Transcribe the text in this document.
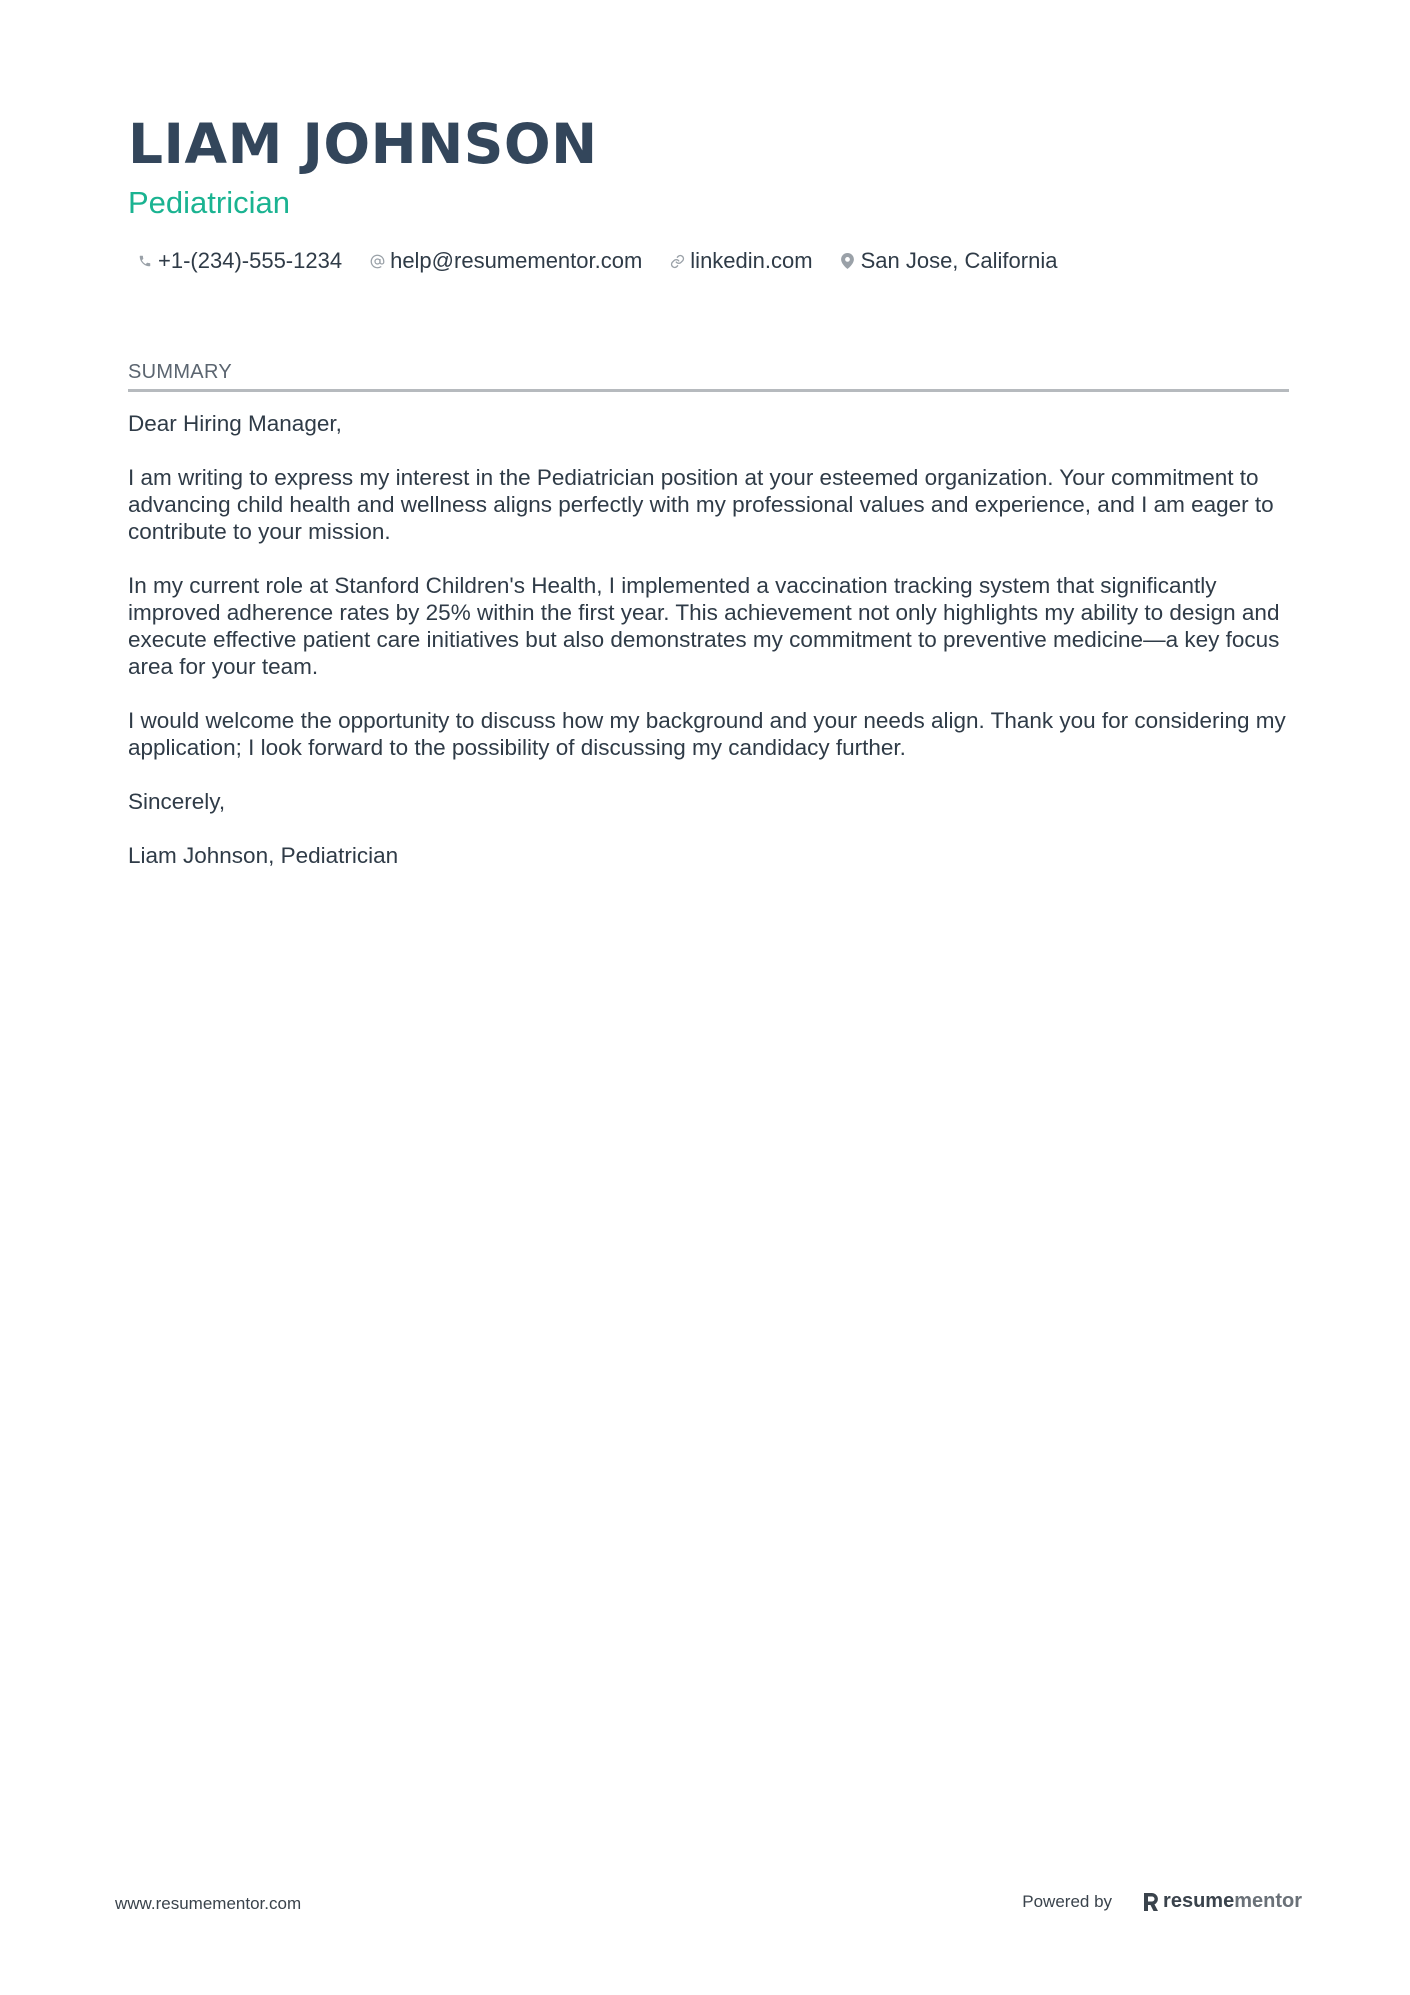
LIAM JOHNSON
Pediatrician
+1-(234)-555-1234 help@resumementor.com linkedin.com San Jose, California
SUMMARY

Dear Hiring Manager,

I am writing to express my interest in the Pediatrician position at your esteemed organization. Your commitment to advancing child health and wellness aligns perfectly with my professional values and experience, and I am eager to contribute to your mission.

In my current role at Stanford Children's Health, I implemented a vaccination tracking system that significantly improved adherence rates by 25% within the first year. This achievement not only highlights my ability to design and execute effective patient care initiatives but also demonstrates my commitment to preventive medicine—a key focus area for your team.

I would welcome the opportunity to discuss how my background and your needs align. Thank you for considering my application; I look forward to the possibility of discussing my candidacy further.

Sincerely,

Liam Johnson, Pediatrician

www.resumementor.com	Powered by	resume mentor
